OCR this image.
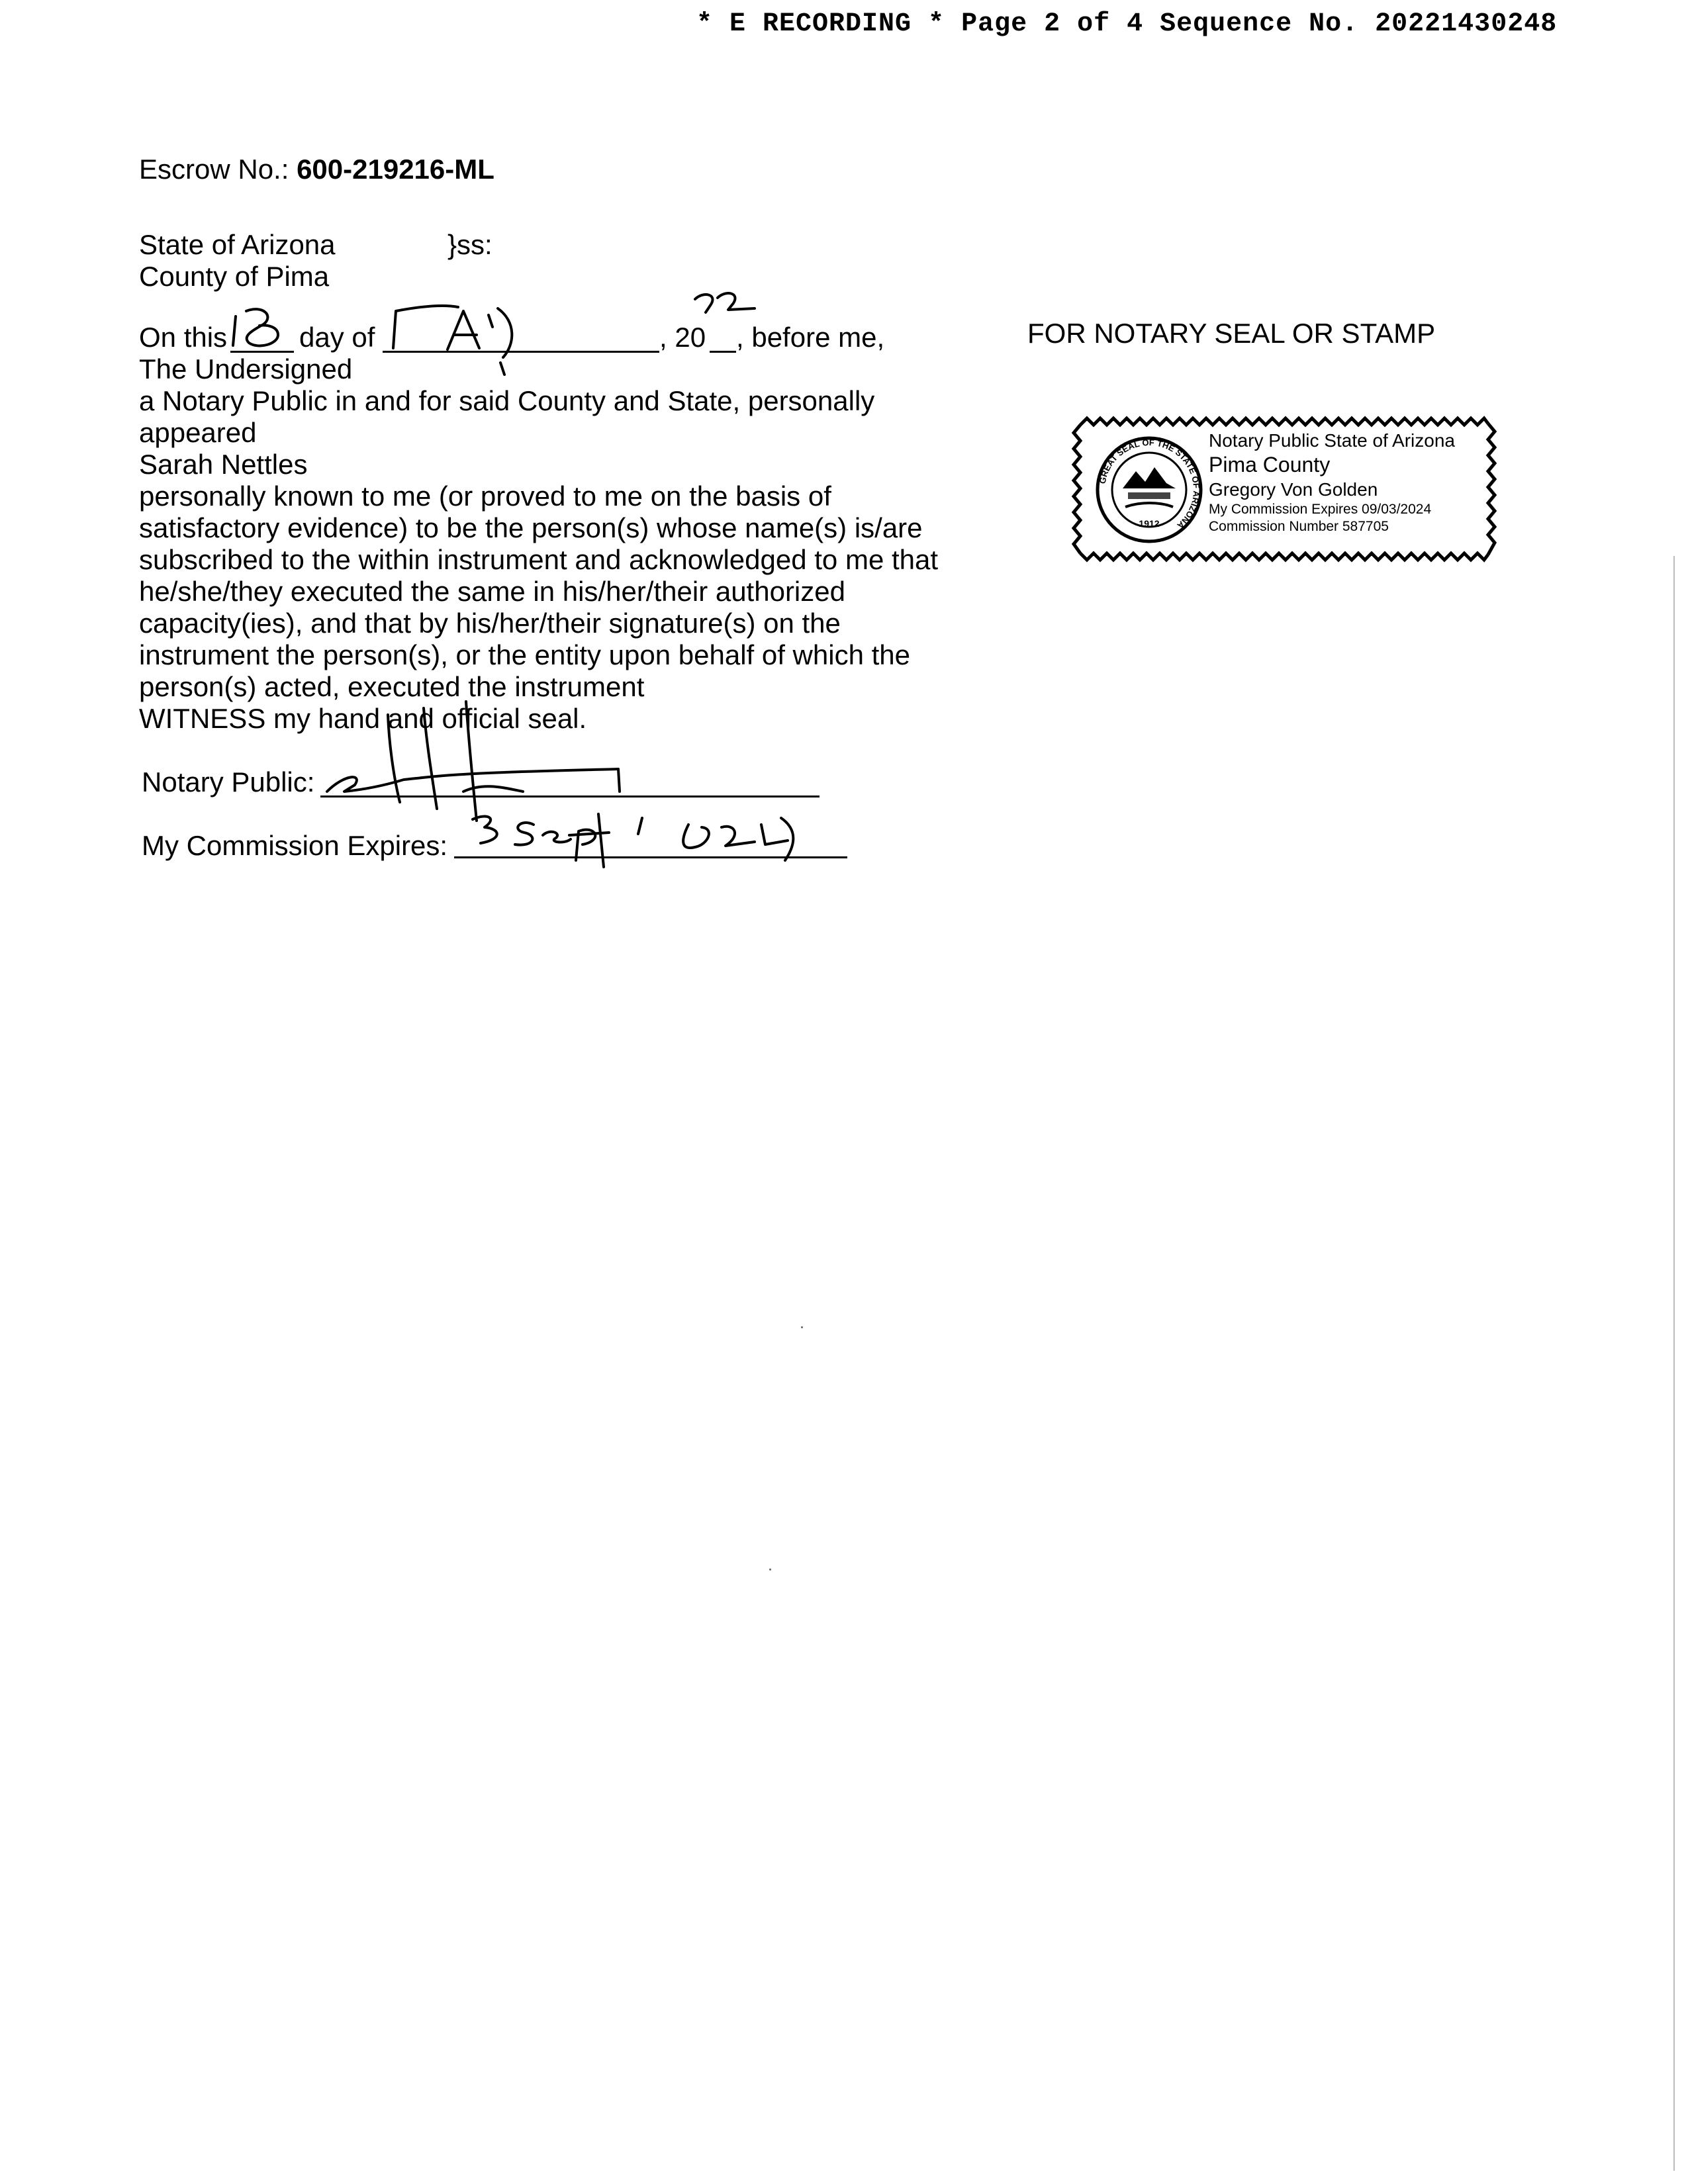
* E RECORDING * Page 2 of 4 Sequence No. 20221430248
Escrow No.: 600-219216-ML
State of Arizona	}ss:
County of Pima
On this	day of	, 20 , before me,
The Undersigned
a Notary Public in and for said County and State, personally
appeared
Sarah Nettles
personally known to me (or proved to me on the basis of
satisfactory evidence) to be the person(s) whose name(s) is/are
subscribed to the within instrument and acknowledged to me that
he/she/they executed the same in his/her/their authorized
capacity(ies), and that by his/her/their signature(s) on the
instrument the person(s), or the entity upon behalf of which the
person(s) acted, executed the instrument
WITNESS my hand and official seal.
Notary Public:
My Commission Expires:
FOR NOTARY SEAL OR STAMP
GREAT SEAL OF THE STATE OF ARIZONA
1912
Notary Public State of Arizona
Pima County
Gregory Von Golden
My Commission Expires 09/03/2024
Commission Number 587705
